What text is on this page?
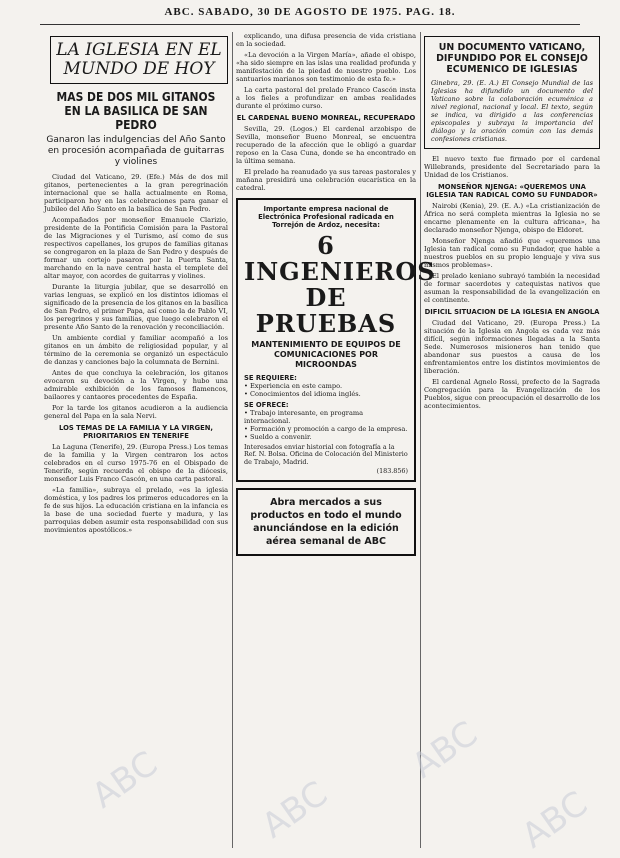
ABC. SABADO, 30 DE AGOSTO DE 1975. PAG. 18.
LA IGLESIA EN EL MUNDO DE HOY
MAS DE DOS MIL GITANOS EN LA BASILICA DE SAN PEDRO
Ganaron las indulgencias del Año Santo en procesión acompañada de guitarras y violines
Ciudad del Vaticano, 29. (Efe.) Más de dos mil gitanos, pertenecientes a la gran peregrinación internacional que se halla actualmente en Roma, participaron hoy en las celebraciones para ganar el Jubileo del Año Santo en la basílica de San Pedro.
Acompañados por monseñor Emanuele Clarizio, presidente de la Pontificia Comisión para la Pastoral de las Migraciones y el Turismo, así como de sus respectivos capellanes, los grupos de familias gitanas se congregaron en la plaza de San Pedro y después de formar un cortejo pasaron por la Puerta Santa, marchando en la nave central hasta el templete del altar mayor, con acordes de guitarras y violines.
Durante la liturgia jubilar, que se desarrolló en varias lenguas, se explicó en los distintos idiomas el significado de la presencia de los gitanos en la basílica de San Pedro, el primer Papa, así como la de Pablo VI, los peregrinos y sus familias, que luego celebraron el presente Año Santo de la renovación y reconciliación.
Un ambiente cordial y familiar acompañó a los gitanos en un ámbito de religiosidad popular, y al término de la ceremonia se organizó un espectáculo de danzas y canciones bajo la columnata de Bernini.
Antes de que concluya la celebración, los gitanos evocaron su devoción a la Virgen, y hubo una admirable exhibición de los famosos flamencos, bailaores y cantaores procedentes de España.
Por la tarde los gitanos acudieron a la audiencia general del Papa en la sala Nervi.
LOS TEMAS DE LA FAMILIA Y LA VIRGEN, PRIORITARIOS EN TENERIFE
La Laguna (Tenerife), 29. (Europa Press.) Los temas de la familia y la Virgen centraron los actos celebrados en el curso 1975-76 en el Obispado de Tenerife, según recuerda el obispo de la diócesis, monseñor Luis Franco Cascón, en una carta pastoral.
«La familia», subraya el prelado, «es la iglesia doméstica, y los padres los primeros educadores en la fe de sus hijos. La educación cristiana en la infancia es la base de una sociedad fuerte y madura, y las parroquias deben asumir esta responsabilidad con sus movimientos apostólicos.»
explicando, una difusa presencia de vida cristiana en la sociedad.
«La devoción a la Virgen María», añade el obispo, «ha sido siempre en las islas una realidad profunda y manifestación de la piedad de nuestro pueblo. Los santuarios marianos son testimonio de esta fe.»
La carta pastoral del prelado Franco Cascón insta a los fieles a profundizar en ambas realidades durante el próximo curso.
EL CARDENAL BUENO MONREAL, RECUPERADO
Sevilla, 29. (Logos.) El cardenal arzobispo de Sevilla, monseñor Bueno Monreal, se encuentra recuperado de la afección que le obligó a guardar reposo en la Casa Cuna, donde se ha encontrado en la última semana.
El prelado ha reanudado ya sus tareas pastorales y mañana presidirá una celebración eucarística en la catedral.
Importante empresa nacional de Electrónica Profesional radicada en Torrejón de Ardoz, necesita:
6 INGENIEROS DE PRUEBAS
MANTENIMIENTO DE EQUIPOS DE COMUNICACIONES POR MICROONDAS
SE REQUIERE:
• Experiencia en este campo.
• Conocimientos del idioma inglés.
SE OFRECE:
• Trabajo interesante, en programa internacional.
• Formación y promoción a cargo de la empresa.
• Sueldo a convenir.
Interesados enviar historial con fotografía a la Ref. N. Bolsa. Oficina de Colocación del Ministerio de Trabajo, Madrid.
(183.856)
Abra mercados a sus productos en todo el mundo anunciándose en la edición aérea semanal de ABC
UN DOCUMENTO VATICANO, DIFUNDIDO POR EL CONSEJO ECUMENICO DE IGLESIAS
Ginebra, 29. (E. A.) El Consejo Mundial de las Iglesias ha difundido un documento del Vaticano sobre la colaboración ecuménica a nivel regional, nacional y local. El texto, según se indica, va dirigido a las conferencias episcopales y subraya la importancia del diálogo y la oración común con las demás confesiones cristianas.
El nuevo texto fue firmado por el cardenal Willebrands, presidente del Secretariado para la Unidad de los Cristianos.
MONSEÑOR NJENGA: «QUEREMOS UNA IGLESIA TAN RADICAL COMO SU FUNDADOR»
Nairobi (Kenia), 29. (E. A.) «La cristianización de África no será completa mientras la Iglesia no se encarne plenamente en la cultura africana», ha declarado monseñor Njenga, obispo de Eldoret.
Monseñor Njenga añadió que «queremos una Iglesia tan radical como su Fundador, que hable a nuestros pueblos en su propio lenguaje y viva sus mismos problemas».
El prelado keniano subrayó también la necesidad de formar sacerdotes y catequistas nativos que asuman la responsabilidad de la evangelización en el continente.
DIFICIL SITUACION DE LA IGLESIA EN ANGOLA
Ciudad del Vaticano, 29. (Europa Press.) La situación de la Iglesia en Angola es cada vez más difícil, según informaciones llegadas a la Santa Sede. Numerosos misioneros han tenido que abandonar sus puestos a causa de los enfrentamientos entre los distintos movimientos de liberación.
El cardenal Agnelo Rossi, prefecto de la Sagrada Congregación para la Evangelización de los Pueblos, sigue con preocupación el desarrollo de los acontecimientos.
ABC	ABC
ABC
ABC
